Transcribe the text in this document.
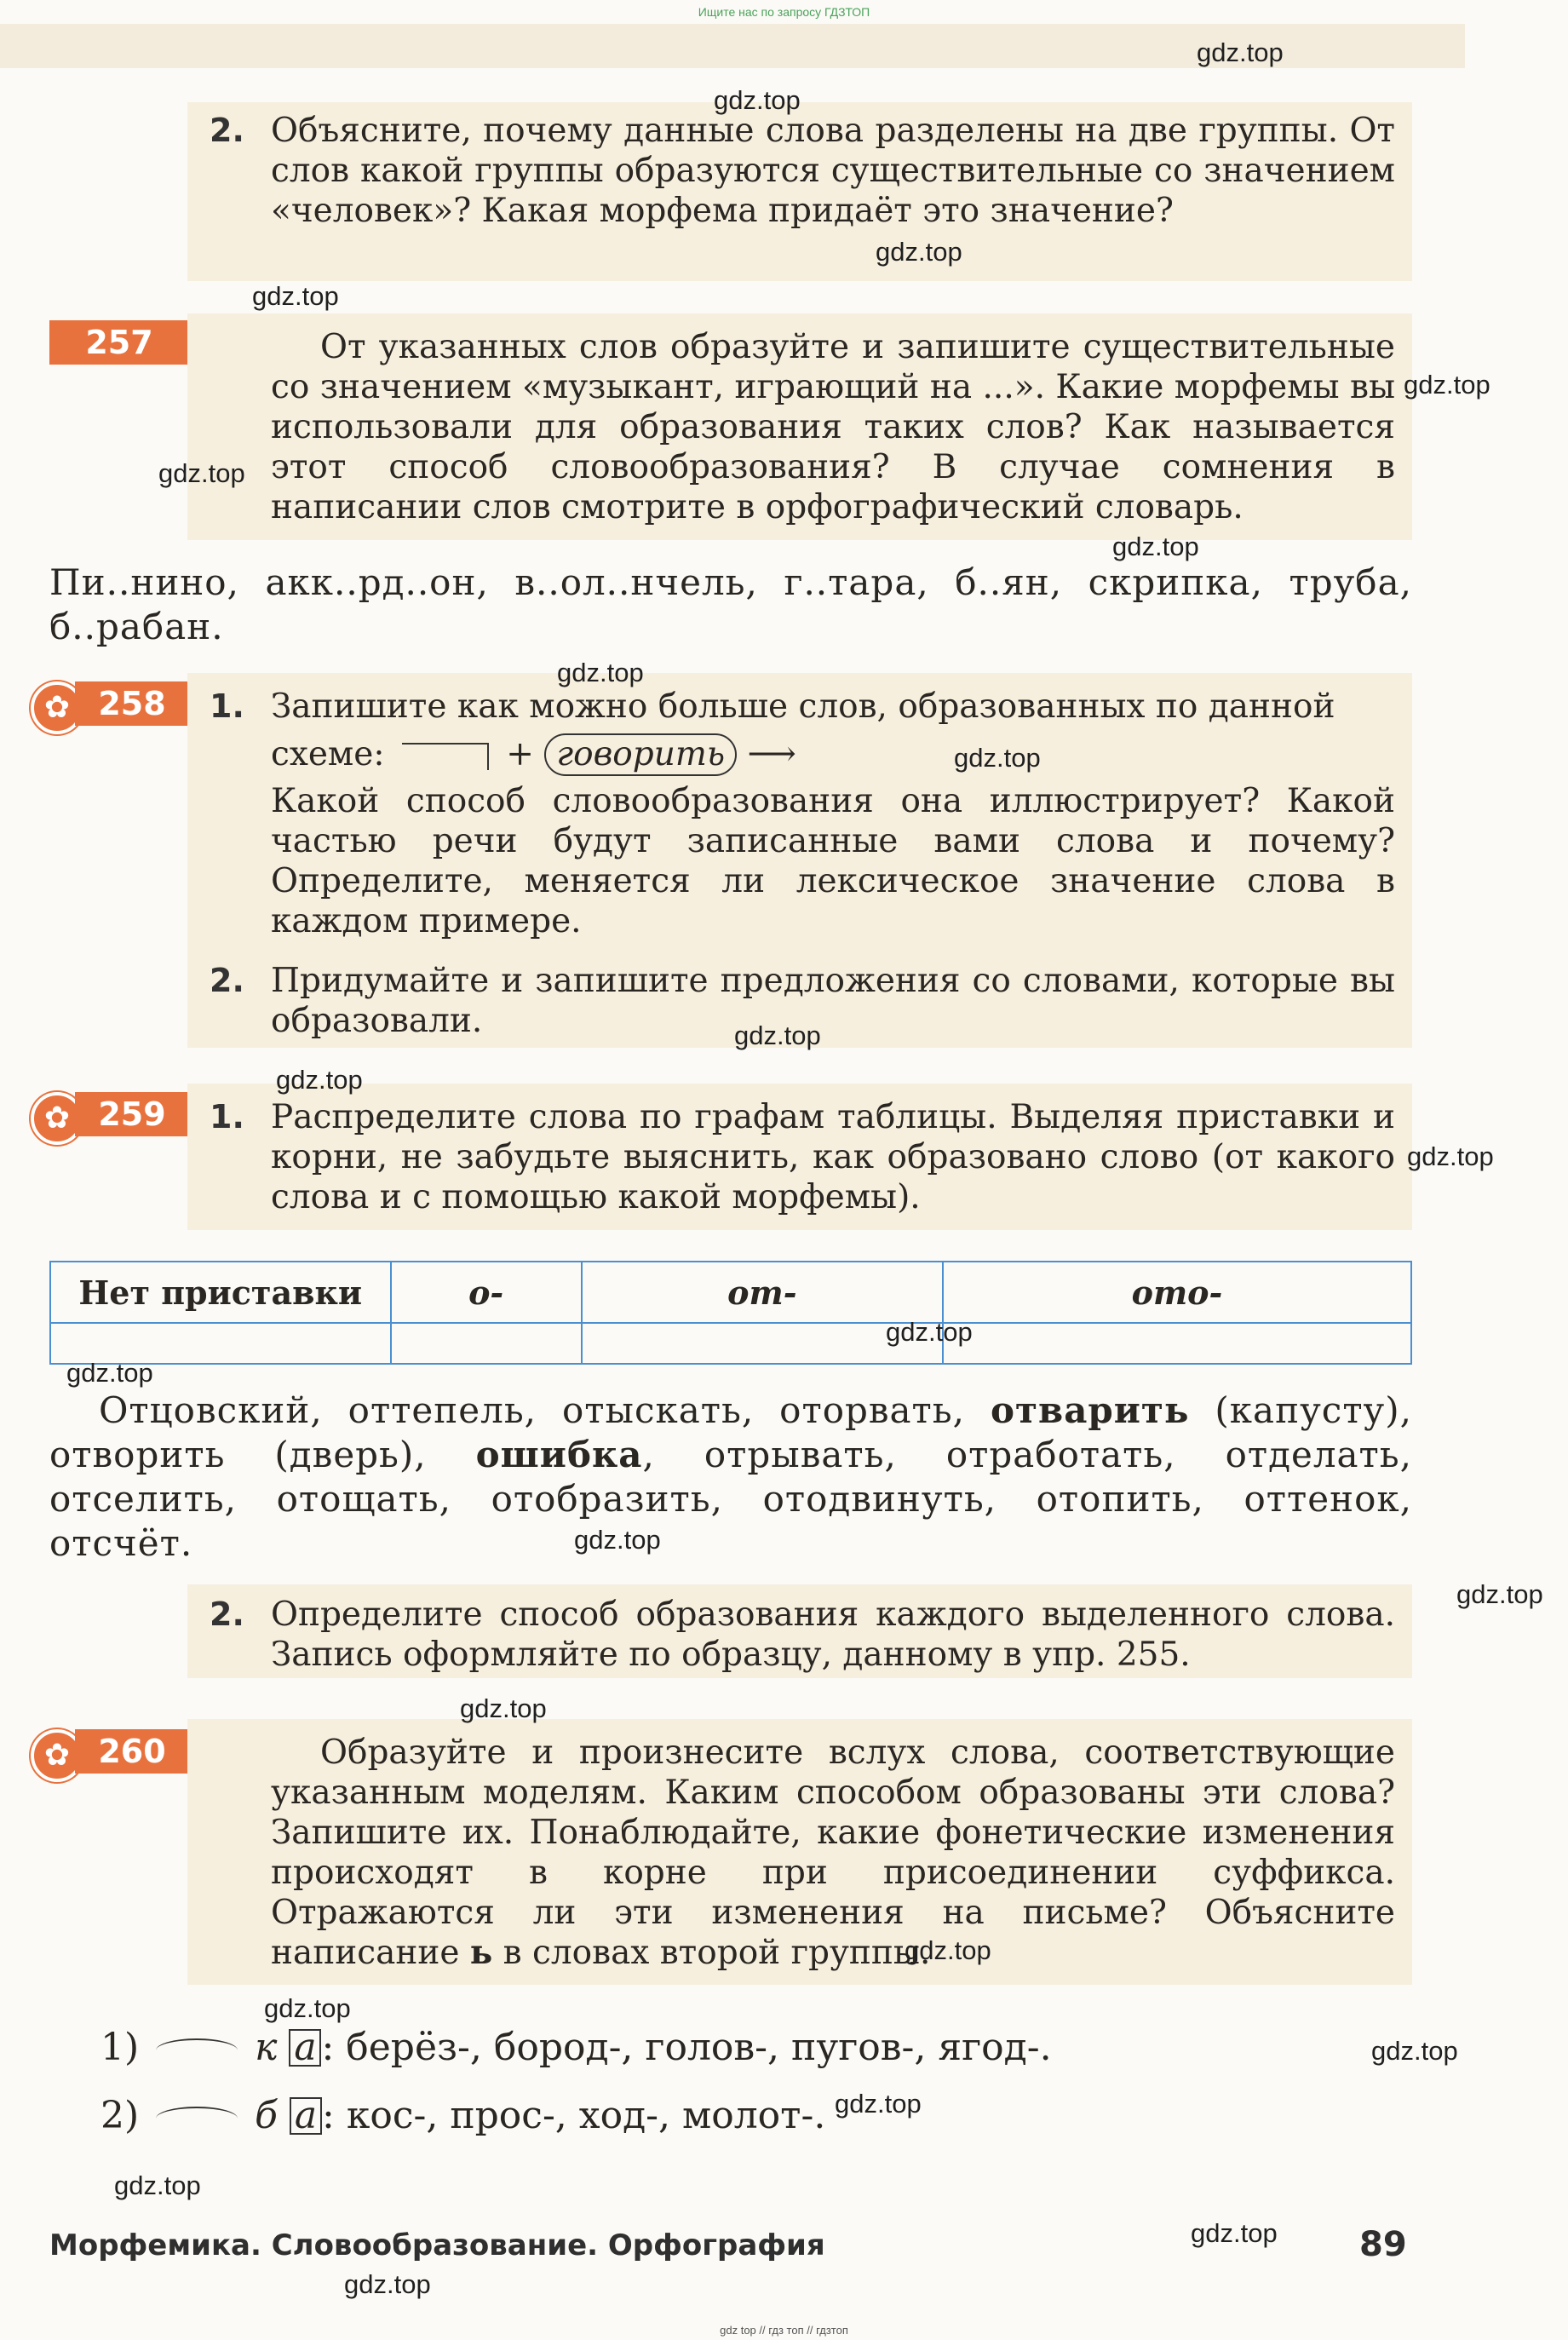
Ищите нас по запросу ГДЗТОП
2. Объясните, почему данные слова разделены на две группы. От слов какой группы образуются существительные со значением «человек»? Какая морфема придаёт это значение?
257	От указанных слов образуйте и запишите существительные со значением «музыкант, играющий на ...». Какие морфемы вы использовали для образования таких слов? Как называется этот способ словообразования? В случае сомнения в написании слов смотрите в орфографический словарь.
Пи..нино, акк..рд..он, в..ол..нчель, г..тара, б..ян, скрипка, труба, б..рабан.
✿ 258	1. Запишите как можно больше слов, образованных по данной
схеме:	+ говорить ⟶
Какой способ словообразования она иллюстрирует? Какой частью речи будут записанные вами слова и почему? Определите, меняется ли лексическое значение слова в каждом примере.
2. Придумайте и запишите предложения со словами, которые вы образовали.
✿ 259	1. Распределите слова по графам таблицы. Выделяя приставки и корни, не забудьте выяснить, как образовано слово (от какого слова и с помощью какой морфемы).
Нет приставки	о-	от-	ото-

Отцовский, оттепель, отыскать, оторвать, отварить (капусту), отворить (дверь), ошибка, отрывать, отработать, отделать, отселить, отощать, отобразить, отодвинуть, отопить, оттенок, отсчёт.
2. Определите способ образования каждого выделенного слова. Запись оформляйте по образцу, данному в упр. 255.
✿ 260	Образуйте и произнесите вслух слова, соответствующие указанным моделям. Каким способом образованы эти слова? Запишите их. Понаблюдайте, какие фонетические изменения происходят в корне при присоединении суффикса. Отражаются ли эти изменения на письме? Объясните написание ь в словах второй группы.
1)	к а : берёз-, бород-, голов-, пугов-, ягод-.
2)	б а : кос-, прос-, ход-, молот-.
Морфемика. Словообразование. Орфография	89
gdz top // гдз топ // гдзтоп
gdz.top
gdz.top
gdz.top
gdz.top
gdz.top
gdz.top
gdz.top
gdz.top
gdz.top
gdz.top
gdz.top
gdz.top
gdz.top
gdz.top
gdz.top
gdz.top
gdz.top
gdz.top
gdz.top
gdz.top
gdz.top
gdz.top
gdz.top
gdz.top
